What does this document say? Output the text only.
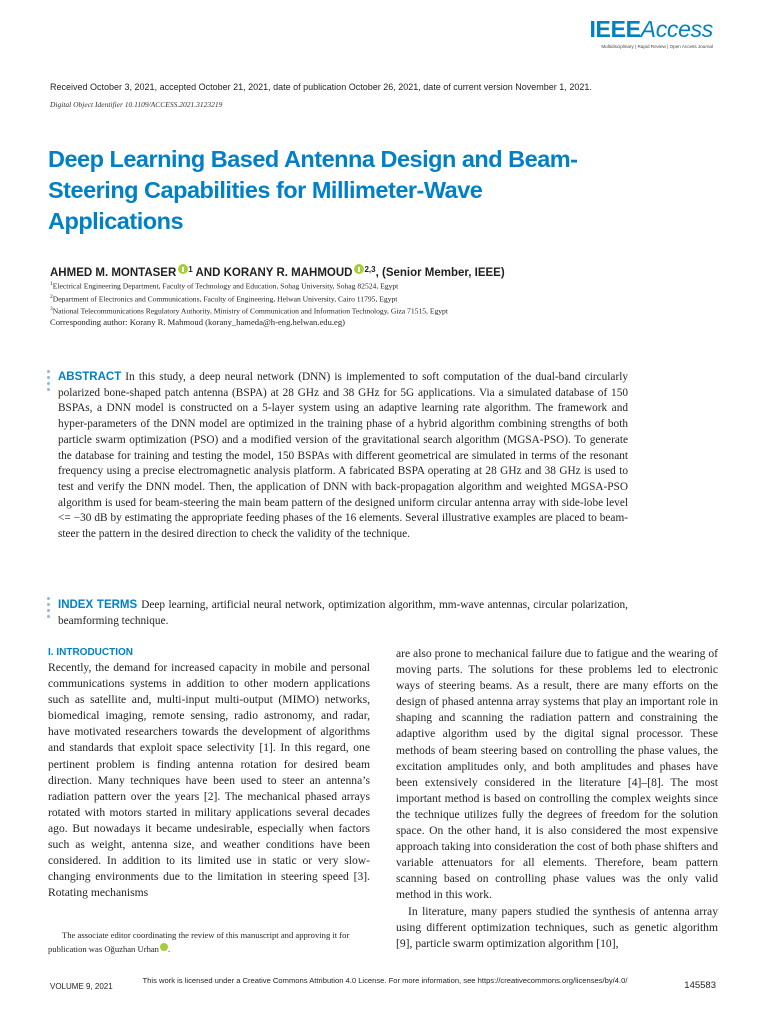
IEEEAccess
Multidisciplinary | Rapid Review | Open Access Journal
Received October 3, 2021, accepted October 21, 2021, date of publication October 26, 2021, date of current version November 1, 2021.
Digital Object Identifier 10.1109/ACCESS.2021.3123219
Deep Learning Based Antenna Design and Beam-Steering Capabilities for Millimeter-Wave Applications
AHMED M. MONTASER $^1$ AND KORANY R. MAHMOUD $^{2,3}$, (Senior Member, IEEE)
$^1$Electrical Engineering Department, Faculty of Technology and Education, Sohag University, Sohag 82524, Egypt
$^2$Department of Electronics and Communications, Faculty of Engineering, Helwan University, Cairo 11795, Egypt
$^3$National Telecommunications Regulatory Authority, Ministry of Communication and Information Technology, Giza 71515, Egypt
Corresponding author: Korany R. Mahmoud (korany_hameda@h-eng.helwan.edu.eg)
ABSTRACT In this study, a deep neural network (DNN) is implemented to soft computation of the dual-band circularly polarized bone-shaped patch antenna (BSPA) at 28 GHz and 38 GHz for 5G applications. Via a simulated database of 150 BSPAs, a DNN model is constructed on a 5-layer system using an adaptive learning rate algorithm. The framework and hyper-parameters of the DNN model are optimized in the training phase of a hybrid algorithm combining strengths of both particle swarm optimization (PSO) and a modified version of the gravitational search algorithm (MGSA-PSO). To generate the database for training and testing the model, 150 BSPAs with different geometrical are simulated in terms of the resonant frequency using a precise electromagnetic analysis platform. A fabricated BSPA operating at 28 GHz and 38 GHz is used to test and verify the DNN model. Then, the application of DNN with back-propagation algorithm and weighted MGSA-PSO algorithm is used for beam-steering the main beam pattern of the designed uniform circular antenna array with side-lobe level <= −30 dB by estimating the appropriate feeding phases of the 16 elements. Several illustrative examples are placed to beam-steer the pattern in the desired direction to check the validity of the technique.
INDEX TERMS Deep learning, artificial neural network, optimization algorithm, mm-wave antennas, circular polarization, beamforming technique.
I. INTRODUCTION

Recently, the demand for increased capacity in mobile and personal communications systems in addition to other modern applications such as satellite and, multi-input multi-output (MIMO) networks, biomedical imaging, remote sensing, radio astronomy, and radar, have motivated researchers towards the development of algorithms and standards that exploit space selectivity [1]. In this regard, one pertinent problem is finding antenna rotation for desired beam direction. Many techniques have been used to steer an antenna’s radiation pattern over the years [2]. The mechanical phased arrays rotated with motors started in military applications several decades ago. But nowadays it became undesirable, especially when factors such as weight, antenna size, and weather conditions have been considered. In addition to its limited use in static or very slow-changing environments due to the limitation in steering speed [3]. Rotating mechanisms

are also prone to mechanical failure due to fatigue and the wearing of moving parts. The solutions for these problems led to electronic ways of steering beams. As a result, there are many efforts on the design of phased antenna array systems that play an important role in shaping and scanning the radiation pattern and constraining the adaptive algorithm used by the digital signal processor. These methods of beam steering based on controlling the phase values, the excitation amplitudes only, and both amplitudes and phases have been extensively considered in the literature [4]–[8]. The most important method is based on controlling the complex weights since the technique utilizes fully the degrees of freedom for the solution space. On the other hand, it is also considered the most expensive approach taking into consideration the cost of both phase shifters and variable attenuators for all elements. Therefore, beam pattern scanning based on controlling phase values was the only valid method in this work.

In literature, many papers studied the synthesis of antenna array using different optimization techniques, such as genetic algorithm [9], particle swarm optimization algorithm [10],

The associate editor coordinating the review of this manuscript and approving it for publication was Oğuzhan Urhan .

VOLUME 9, 2021
This work is licensed under a Creative Commons Attribution 4.0 License. For more information, see https://creativecommons.org/licenses/by/4.0/	145583
